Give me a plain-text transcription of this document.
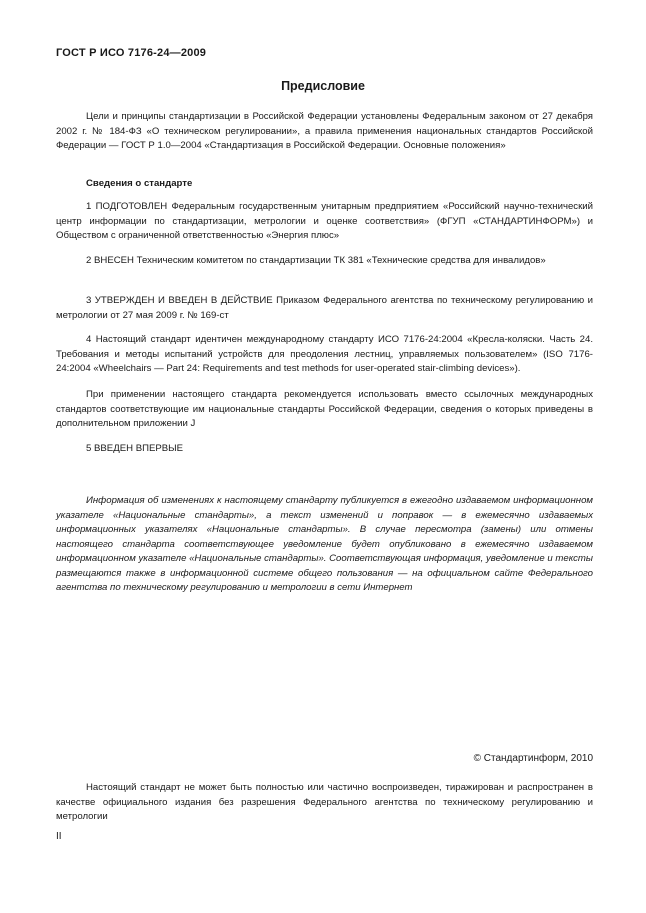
ГОСТ Р ИСО 7176-24—2009
Предисловие

Цели и принципы стандартизации в Российской Федерации установлены Федеральным законом от 27 декабря 2002 г. № 184-ФЗ «О техническом регулировании», а правила применения национальных стандартов Российской Федерации — ГОСТ Р 1.0—2004 «Стандартизация в Российской Федерации. Основные положения»

Сведения о стандарте

1 ПОДГОТОВЛЕН Федеральным государственным унитарным предприятием «Российский научно-технический центр информации по стандартизации, метрологии и оценке соответствия» (ФГУП «СТАНДАРТИНФОРМ») и Обществом с ограниченной ответственностью «Энергия плюс»

2 ВНЕСЕН Техническим комитетом по стандартизации ТК 381 «Технические средства для инвалидов»

3 УТВЕРЖДЕН И ВВЕДЕН В ДЕЙСТВИЕ Приказом Федерального агентства по техническому регулированию и метрологии от 27 мая 2009 г. № 169-ст

4 Настоящий стандарт идентичен международному стандарту ИСО 7176-24:2004 «Кресла-коляски. Часть 24. Требования и методы испытаний устройств для преодоления лестниц, управляемых пользователем» (ISO 7176-24:2004 «Wheelchairs — Part 24: Requirements and test methods for user-operated stair-climbing devices»).

При применении настоящего стандарта рекомендуется использовать вместо ссылочных международных стандартов соответствующие им национальные стандарты Российской Федерации, сведения о которых приведены в дополнительном приложении J

5 ВВЕДЕН ВПЕРВЫЕ

Информация об изменениях к настоящему стандарту публикуется в ежегодно издаваемом информационном указателе «Национальные стандарты», а текст изменений и поправок — в ежемесячно издаваемых информационных указателях «Национальные стандарты». В случае пересмотра (замены) или отмены настоящего стандарта соответствующее уведомление будет опубликовано в ежемесячно издаваемом информационном указателе «Национальные стандарты». Соответствующая информация, уведомление и тексты размещаются также в информационной системе общего пользования — на официальном сайте Федерального агентства по техническому регулированию и метрологии в сети Интернет

© Стандартинформ, 2010

Настоящий стандарт не может быть полностью или частично воспроизведен, тиражирован и распространен в качестве официального издания без разрешения Федерального агентства по техническому регулированию и метрологии

II
